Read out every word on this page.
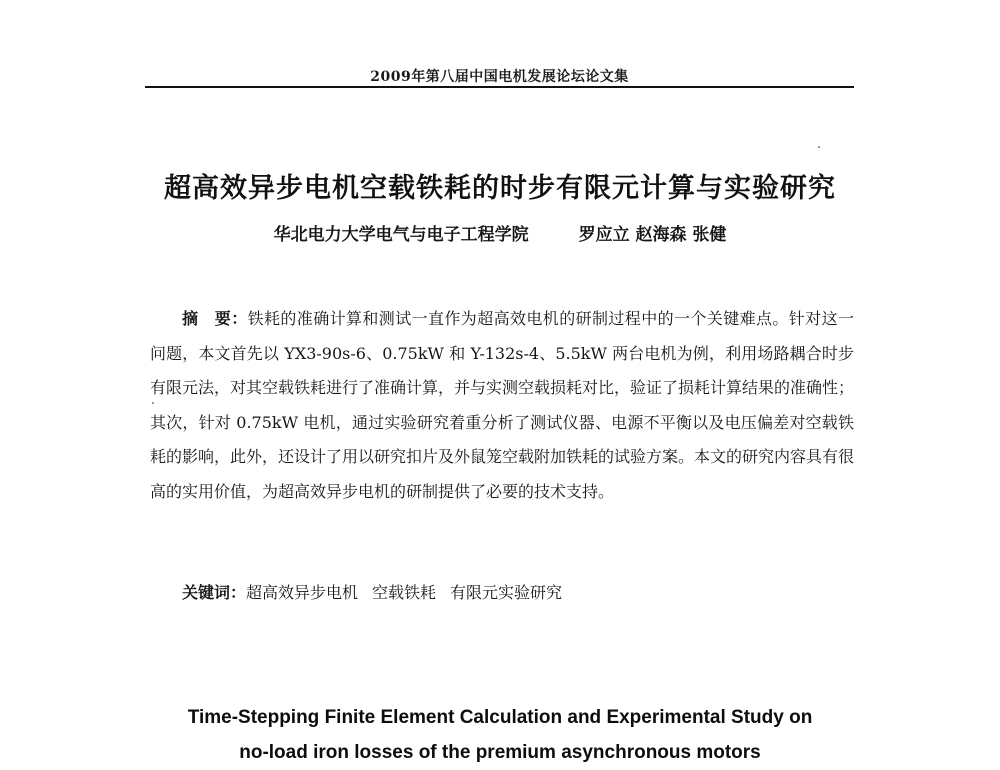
2009年第八届中国电机发展论坛论文集
超高效异步电机空载铁耗的时步有限元计算与实验研究
华北电力大学电气与电子工程学院	罗应立 赵海森 张健

摘　要：铁耗的准确计算和测试一直作为超高效电机的研制过程中的一个关键难点。针对这一问题，本文首先以 YX3-90s-6、0.75kW 和 Y-132s-4、5.5kW 两台电机为例，利用场路耦合时步有限元法，对其空载铁耗进行了准确计算，并与实测空载损耗对比，验证了损耗计算结果的准确性；其次，针对 0.75kW 电机，通过实验研究着重分析了测试仪器、电源不平衡以及电压偏差对空载铁耗的影响，此外，还设计了用以研究扣片及外鼠笼空载附加铁耗的试验方案。本文的研究内容具有很高的实用价值，为超高效异步电机的研制提供了必要的技术支持。

关键词：超高效异步电机 空载铁耗 有限元实验研究
Time-Stepping Finite Element Calculation and Experimental Study on
no-load iron losses of the premium asynchronous motors
